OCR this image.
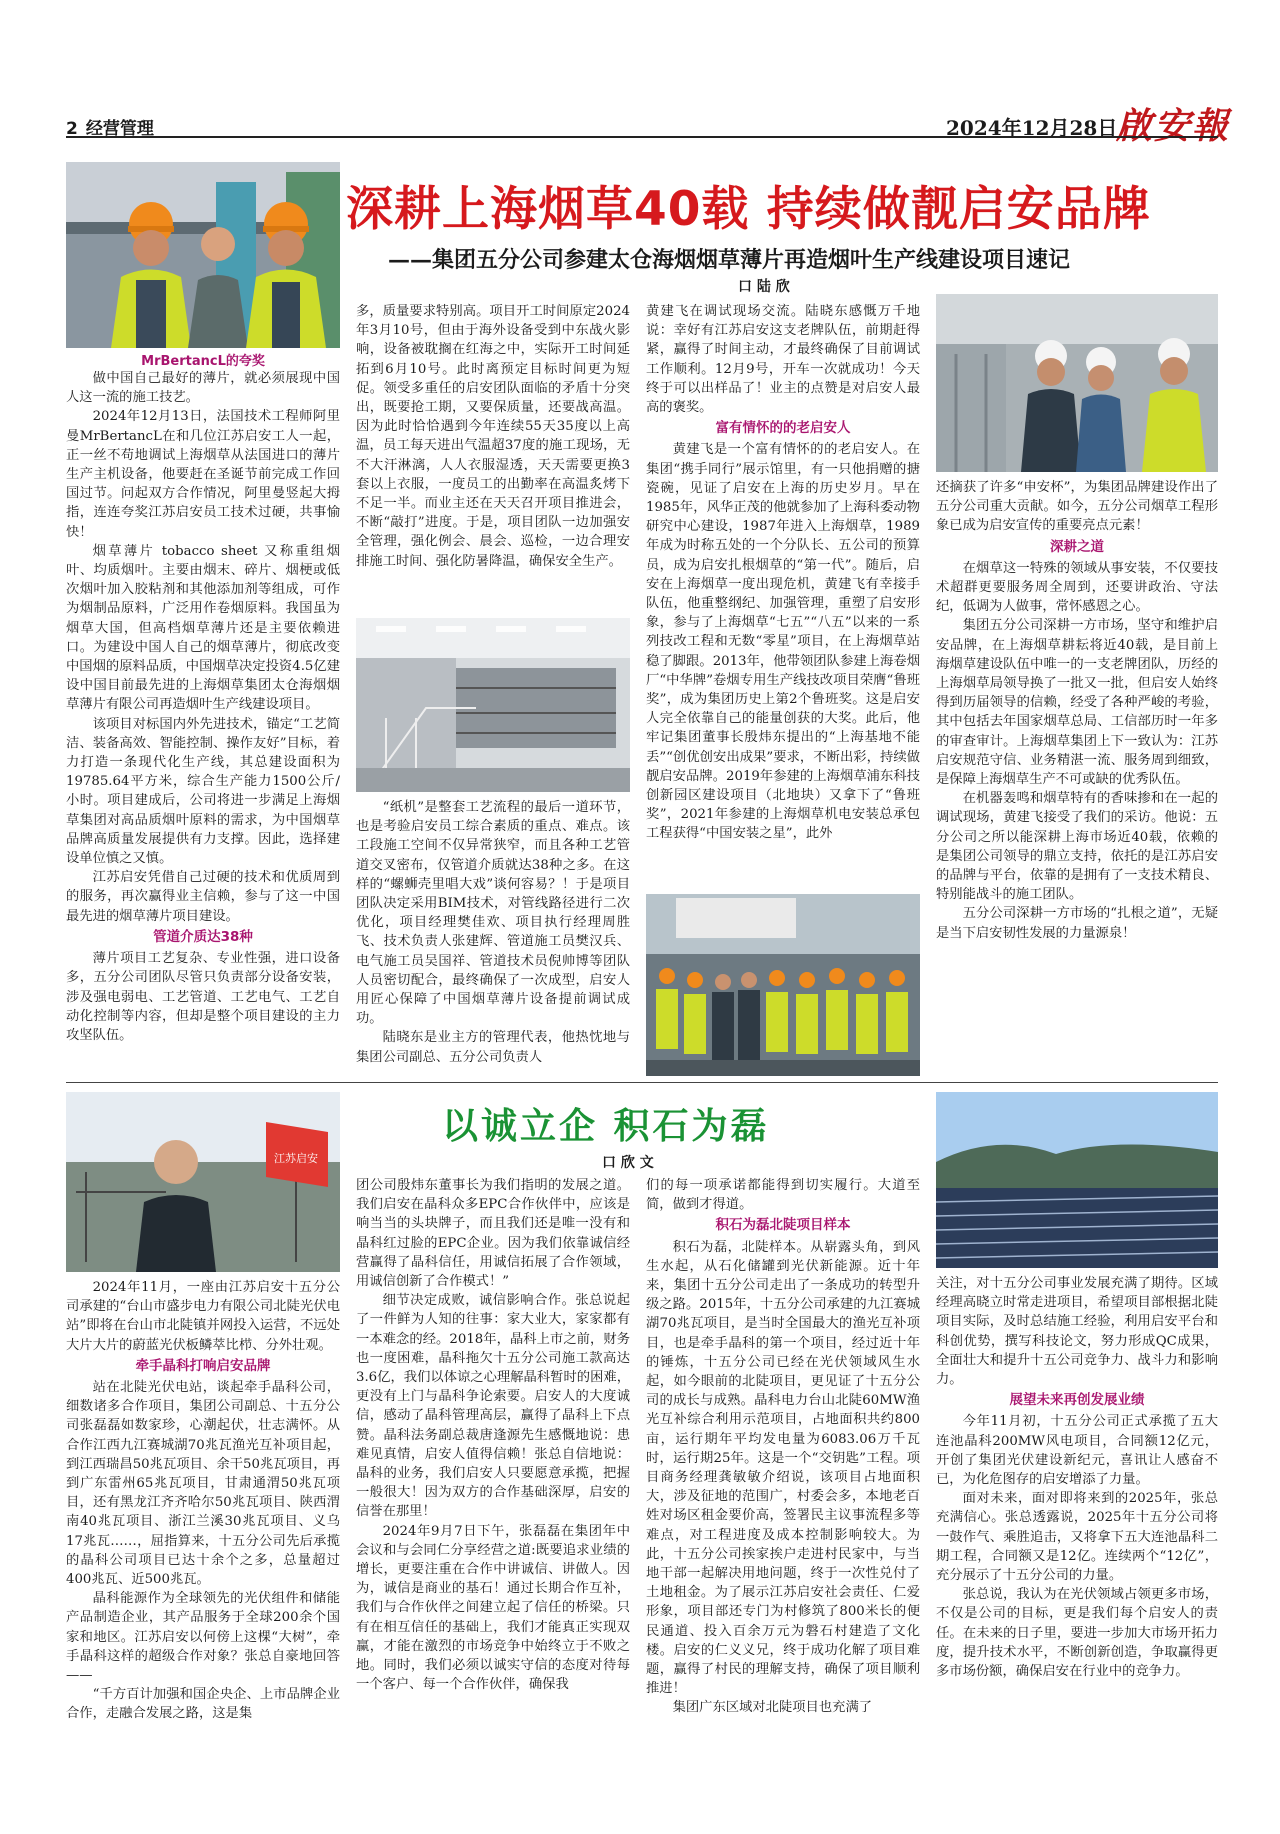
2 经营管理	2024年12月28日
啟安報
深耕上海烟草40载 持续做靓启安品牌
——集团五分公司参建太仓海烟烟草薄片再造烟叶生产线建设项目速记
口 陆 欣
MrBertancL的夸奖

做中国自己最好的薄片，就必须展现中国人这一流的施工技艺。

2024年12月13日，法国技术工程师阿里曼MrBertancL在和几位江苏启安工人一起，正一丝不苟地调试上海烟草从法国进口的薄片生产主机设备，他要赶在圣诞节前完成工作回国过节。问起双方合作情况，阿里曼竖起大拇指，连连夸奖江苏启安员工技术过硬，共事愉快！

烟草薄片 tobacco sheet 又称重组烟叶、均质烟叶。主要由烟末、碎片、烟梗或低次烟叶加入胶粘剂和其他添加剂等组成，可作为烟制品原料，广泛用作卷烟原料。我国虽为烟草大国，但高档烟草薄片还是主要依赖进口。为建设中国人自己的烟草薄片，彻底改变中国烟的原料品质，中国烟草决定投资4.5亿建设中国目前最先进的上海烟草集团太仓海烟烟草薄片有限公司再造烟叶生产线建设项目。

该项目对标国内外先进技术，锚定“工艺简洁、装备高效、智能控制、操作友好”目标，着力打造一条现代化生产线，其总建设面积为19785.64平方米，综合生产能力1500公斤/小时。项目建成后，公司将进一步满足上海烟草集团对高品质烟叶原料的需求，为中国烟草品牌高质量发展提供有力支撑。因此，选择建设单位慎之又慎。

江苏启安凭借自己过硬的技术和优质周到的服务，再次赢得业主信赖，参与了这一中国最先进的烟草薄片项目建设。

管道介质达38种

薄片项目工艺复杂、专业性强，进口设备多，五分公司团队尽管只负责部分设备安装，涉及强电弱电、工艺管道、工艺电气、工艺自动化控制等内容，但却是整个项目建设的主力攻坚队伍。

多，质量要求特别高。项目开工时间原定2024年3月10号，但由于海外设备受到中东战火影响，设备被耽搁在红海之中，实际开工时间延拓到6月10号。此时离预定目标时间更为短促。领受多重任的启安团队面临的矛盾十分突出，既要抢工期，又要保质量，还要战高温。因为此时恰恰遇到今年连续55天35度以上高温，员工每天进出气温超37度的施工现场，无不大汗淋漓，人人衣服湿透，天天需要更换3套以上衣服，一度员工的出勤率在高温炙烤下不足一半。而业主还在天天召开项目推进会，不断“敲打”进度。于是，项目团队一边加强安全管理，强化例会、晨会、巡检，一边合理安排施工时间、强化防暑降温，确保安全生产。

“纸机”是整套工艺流程的最后一道环节，也是考验启安员工综合素质的重点、难点。该工段施工空间不仅异常狭窄，而且各种工艺管道交叉密布，仅管道介质就达38种之多。在这样的“螺蛳壳里唱大戏”谈何容易？！于是项目团队决定采用BIM技术，对管线路径进行二次优化，项目经理樊佳欢、项目执行经理周胜飞、技术负责人张建辉、管道施工员樊汉兵、电气施工员吴国祥、管道技术员倪帅博等团队人员密切配合，最终确保了一次成型，启安人用匠心保障了中国烟草薄片设备提前调试成功。

陆晓东是业主方的管理代表，他热忱地与集团公司副总、五分公司负责人

黄建飞在调试现场交流。陆晓东感慨万千地说：幸好有江苏启安这支老牌队伍，前期赶得紧，赢得了时间主动，才最终确保了目前调试工作顺利。12月9号，开车一次就成功！今天终于可以出样品了！业主的点赞是对启安人最高的褒奖。

富有情怀的的老启安人

黄建飞是一个富有情怀的的老启安人。在集团“携手同行”展示馆里，有一只他捐赠的搪瓷碗，见证了启安在上海的历史岁月。早在1985年，风华正茂的他就参加了上海科委动物研究中心建设，1987年进入上海烟草，1989年成为时称五处的一个分队长、五公司的预算员，成为启安扎根烟草的“第一代”。随后，启安在上海烟草一度出现危机，黄建飞有幸接手队伍，他重整纲纪、加强管理，重塑了启安形象，参与了上海烟草“七五”“八五”以来的一系列技改工程和无数“零星”项目，在上海烟草站稳了脚跟。2013年，他带领团队参建上海卷烟厂“中华牌”卷烟专用生产线技改项目荣膺“鲁班奖”，成为集团历史上第2个鲁班奖。这是启安人完全依靠自己的能量创获的大奖。此后，他牢记集团董事长殷炜东提出的“上海基地不能丢”“创优创安出成果”要求，不断出彩，持续做靓启安品牌。2019年参建的上海烟草浦东科技创新园区建设项目（北地块）又拿下了“鲁班奖”，2021年参建的上海烟草机电安装总承包工程获得“中国安装之星”，此外

还摘获了许多“申安杯”，为集团品牌建设作出了五分公司重大贡献。如今，五分公司烟草工程形象已成为启安宣传的重要亮点元素！

深耕之道

在烟草这一特殊的领域从事安装，不仅要技术超群更要服务周全周到，还要讲政治、守法纪，低调为人做事，常怀感恩之心。

集团五分公司深耕一方市场，坚守和维护启安品牌，在上海烟草耕耘将近40载，是目前上海烟草建设队伍中唯一的一支老牌团队，历经的上海烟草局领导换了一批又一批，但启安人始终得到历届领导的信赖，经受了各种严峻的考验，其中包括去年国家烟草总局、工信部历时一年多的审查审计。上海烟草集团上下一致认为：江苏启安规范守信、业务精湛一流、服务周到细致，是保障上海烟草生产不可或缺的优秀队伍。

在机器轰鸣和烟草特有的香味掺和在一起的调试现场，黄建飞接受了我们的采访。他说：五分公司之所以能深耕上海市场近40载，依赖的是集团公司领导的鼎立支持，依托的是江苏启安的品牌与平台，依靠的是拥有了一支技术精良、特别能战斗的施工团队。

五分公司深耕一方市场的“扎根之道”，无疑是当下启安韧性发展的力量源泉！

以诚立企 积石为磊
口 欣 文
江苏启安

2024年11月，一座由江苏启安十五分公司承建的“台山市盛步电力有限公司北陡光伏电站”即将在台山市北陡镇并网投入运营，不远处大片大片的蔚蓝光伏板鳞萃比栉、分外壮观。

牵手晶科打响启安品牌

站在北陡光伏电站，谈起牵手晶科公司，细数诸多合作项目，集团公司副总、十五分公司张磊磊如数家珍，心潮起伏，壮志满怀。从合作江西九江赛城湖70兆瓦渔光互补项目起，到江西瑞昌50兆瓦项目、余干50兆瓦项目，再到广东雷州65兆瓦项目，甘肃通渭50兆瓦项目，还有黑龙江齐齐哈尔50兆瓦项目、陕西渭南40兆瓦项目、浙江兰溪30兆瓦项目、义乌17兆瓦……，屈指算来，十五分公司先后承揽的晶科公司项目已达十余个之多，总量超过400兆瓦、近500兆瓦。

晶科能源作为全球领先的光伏组件和储能产品制造企业，其产品服务于全球200余个国家和地区。江苏启安以何傍上这棵“大树”，牵手晶科这样的超级合作对象？张总自豪地回答——

“千方百计加强和国企央企、上市品牌企业合作，走融合发展之路，这是集

团公司殷炜东董事长为我们指明的发展之道。我们启安在晶科众多EPC合作伙伴中，应该是响当当的头块牌子，而且我们还是唯一没有和晶科红过脸的EPC企业。因为我们依靠诚信经营赢得了晶科信任，用诚信拓展了合作领域，用诚信创新了合作模式！”

细节决定成败，诚信影响合作。张总说起了一件鲜为人知的往事：家大业大，家家都有一本难念的经。2018年，晶科上市之前，财务也一度困难，晶科拖欠十五分公司施工款高达3.6亿，我们以体谅之心理解晶科暂时的困难，更没有上门与晶科争论索要。启安人的大度诚信，感动了晶科管理高层，赢得了晶科上下点赞。晶科法务副总裁唐逢源先生感慨地说：患难见真情，启安人值得信赖！张总自信地说：晶科的业务，我们启安人只要愿意承揽，把握一般很大！因为双方的合作基础深厚，启安的信誉在那里！

2024年9月7日下午，张磊磊在集团年中会议和与会同仁分享经营之道:既要追求业绩的增长，更要注重在合作中讲诚信、讲做人。因为，诚信是商业的基石！通过长期合作互补，我们与合作伙伴之间建立起了信任的桥梁。只有在相互信任的基础上，我们才能真正实现双赢，才能在激烈的市场竞争中始终立于不败之地。同时，我们必须以诚实守信的态度对待每一个客户、每一个合作伙伴，确保我

们的每一项承诺都能得到切实履行。大道至简，做到才得道。

积石为磊北陡项目样本

积石为磊，北陡样本。从崭露头角，到风生水起，从石化储罐到光伏新能源。近十年来，集团十五分公司走出了一条成功的转型升级之路。2015年，十五分公司承建的九江赛城湖70兆瓦项目，是当时全国最大的渔光互补项目，也是牵手晶科的第一个项目，经过近十年的锤炼，十五分公司已经在光伏领域风生水起，如今眼前的北陡项目，更见证了十五分公司的成长与成熟。晶科电力台山北陡60MW渔光互补综合利用示范项目，占地面积共约800亩，运行期年平均发电量为6083.06万千瓦时，运行期25年。这是一个“交钥匙”工程。项目商务经理龚敏敏介绍说，该项目占地面积大，涉及征地的范围广，村委会多，本地老百姓对场区租金要价高，签署民主议事流程多等难点，对工程进度及成本控制影响较大。为此，十五分公司挨家挨户走进村民家中，与当地干部一起解决用地问题，终于一次性兑付了土地租金。为了展示江苏启安社会责任、仁爱形象，项目部还专门为村修筑了800米长的便民通道、投入百余万元为磐石村建造了文化楼。启安的仁义义兄，终于成功化解了项目难题，赢得了村民的理解支持，确保了项目顺利推进！

集团广东区域对北陡项目也充满了

关注，对十五分公司事业发展充满了期待。区域经理高晓立时常走进项目，希望项目部根据北陡项目实际，及时总结施工经验，利用启安平台和科创优势，撰写科技论文，努力形成QC成果，全面壮大和提升十五公司竞争力、战斗力和影响力。

展望未来再创发展业绩

今年11月初，十五分公司正式承揽了五大连池晶科200MW风电项目，合同额12亿元，开创了集团光伏建设新纪元，喜讯让人感奋不已，为化危图存的启安增添了力量。

面对未来，面对即将来到的2025年，张总充满信心。张总透露说，2025年十五分公司将一鼓作气、乘胜追击，又将拿下五大连池晶科二期工程，合同额又是12亿。连续两个“12亿”，充分展示了十五分公司的力量。

张总说，我认为在光伏领域占领更多市场，不仅是公司的目标，更是我们每个启安人的责任。在未来的日子里，要进一步加大市场开拓力度，提升技术水平，不断创新创造，争取赢得更多市场份额，确保启安在行业中的竞争力。
